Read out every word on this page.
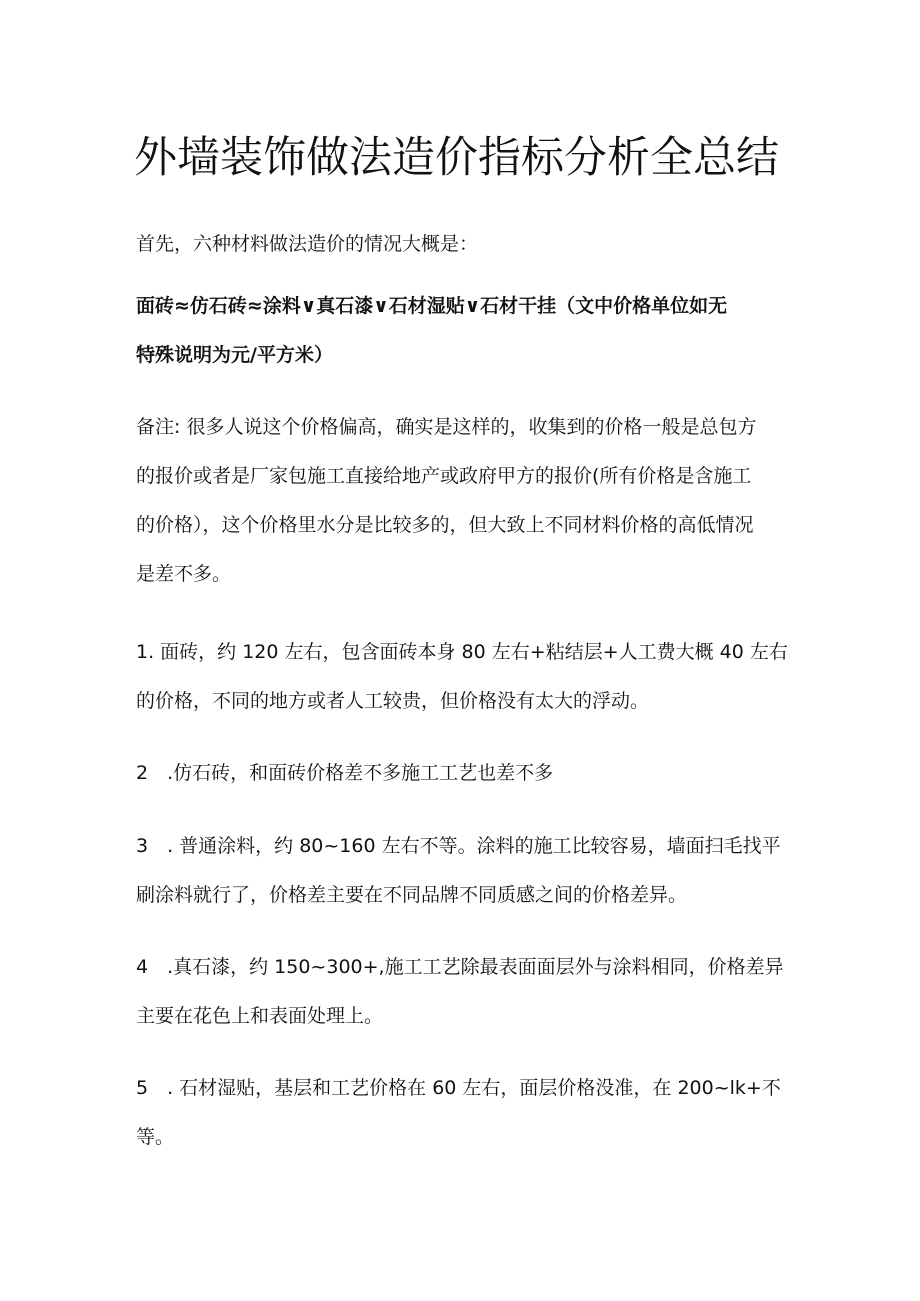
外墙装饰做法造价指标分析全总结

首先，六种材料做法造价的情况大概是：

面砖≈仿石砖≈涂料∨真石漆∨石材湿贴∨石材干挂（文中价格单位如无
特殊说明为元/平方米）

备注: 很多人说这个价格偏高，确实是这样的，收集到的价格一般是总包方
的报价或者是厂家包施工直接给地产或政府甲方的报价(所有价格是含施工
的价格），这个价格里水分是比较多的，但大致上不同材料价格的高低情况
是差不多。

1. 面砖，约 120 左右，包含面砖本身 80 左右+粘结层+人工费大概 40 左右
的价格，不同的地方或者人工较贵，但价格没有太大的浮动。

2　.仿石砖，和面砖价格差不多施工工艺也差不多

3　. 普通涂料，约 80~160 左右不等。涂料的施工比较容易，墙面扫毛找平
刷涂料就行了，价格差主要在不同品牌不同质感之间的价格差异。

4　.真石漆，约 150~300+,施工工艺除最表面面层外与涂料相同，价格差异
主要在花色上和表面处理上。

5　. 石材湿贴，基层和工艺价格在 60 左右，面层价格没准，在 200~lk+不
等。
